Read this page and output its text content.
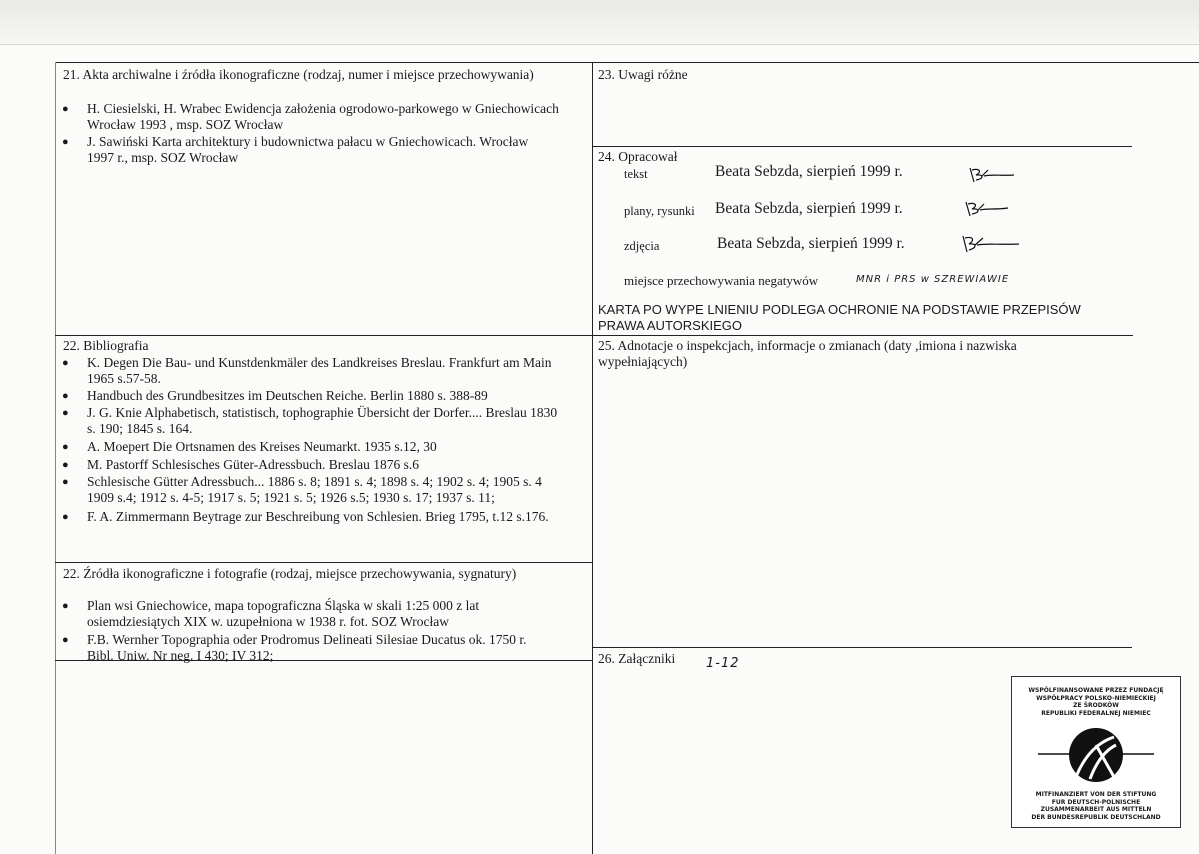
21. Akta archiwalne i źródła ikonograficzne (rodzaj, numer i miejsce przechowywania)
● H. Ciesielski, H. Wrabec Ewidencja założenia ogrodowo-parkowego w Gniechowicach
Wrocław 1993 , msp. SOZ Wrocław
● J. Sawiński Karta architektury i budownictwa pałacu w Gniechowicach. Wrocław
1997 r., msp. SOZ Wrocław
22. Bibliografia
● K. Degen Die Bau- und Kunstdenkmäler des Landkreises Breslau. Frankfurt am Main
1965 s.57-58.
● Handbuch des Grundbesitzes im Deutschen Reiche. Berlin 1880 s. 388-89
● J. G. Knie Alphabetisch, statistisch, tophographie Übersicht der Dorfer.... Breslau 1830
s. 190; 1845 s. 164.
● A. Moepert Die Ortsnamen des Kreises Neumarkt. 1935 s.12, 30
● M. Pastorff Schlesisches Güter-Adressbuch. Breslau 1876 s.6
● Schlesische Gütter Adressbuch... 1886 s. 8; 1891 s. 4; 1898 s. 4; 1902 s. 4; 1905 s. 4
1909 s.4; 1912 s. 4-5; 1917 s. 5; 1921 s. 5; 1926 s.5; 1930 s. 17; 1937 s. 11;
● F. A. Zimmermann Beytrage zur Beschreibung von Schlesien. Brieg 1795, t.12 s.176.
22. Źródła ikonograficzne i fotografie (rodzaj, miejsce przechowywania, sygnatury)
● Plan wsi Gniechowice, mapa topograficzna Śląska w skali 1:25 000 z lat
osiemdziesiątych XIX w. uzupełniona w 1938 r. fot. SOZ Wrocław
● F.B. Wernher Topographia oder Prodromus Delineati Silesiae Ducatus ok. 1750 r.
Bibl. Uniw. Nr neg. I 430; IV 312;
23. Uwagi różne
24. Opracował
tekst	Beata Sebzda, sierpień 1999 r.
plany, rysunki Beata Sebzda, sierpień 1999 r.
zdjęcia	Beata Sebzda, sierpień 1999 r.
miejsce przechowywania negatywów	MNR i PRS w SZREWIAWIE
KARTA PO WYPE LNIENIU PODLEGA OCHRONIE NA PODSTAWIE PRZEPISÓW
PRAWA AUTORSKIEGO
25. Adnotacje o inspekcjach, informacje o zmianach (daty ,imiona i nazwiska
wypełniających)
26. Załączniki 1-12
WSPÓLFINANSOWANE PRZEZ FUNDACJĘ
WSPÓŁPRACY POLSKO-NIEMIECKIEJ
ZE ŚRODKÓW
REPUBLIKI FEDERALNEJ NIEMIEC
MITFINANZIERT VON DER STIFTUNG
FUR DEUTSCH-POLNISCHE
ZUSAMMENARBEIT AUS MITTELN
DER BUNDESREPUBLIK DEUTSCHLAND
